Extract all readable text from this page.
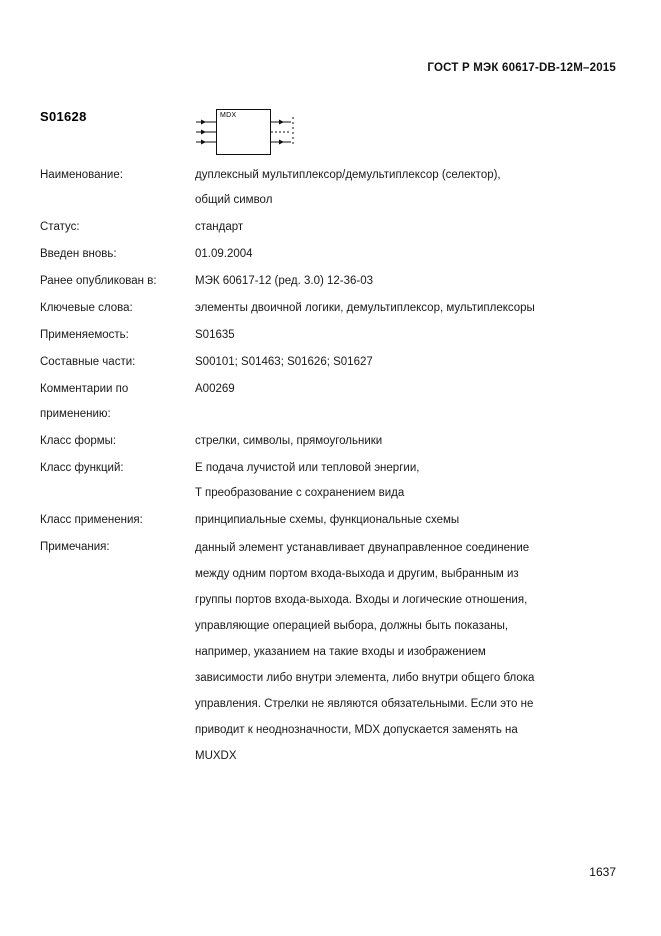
ГОСТ Р МЭК 60617-DB-12M–2015
S01628	MDX
Наименование:	дуплексный мультиплексор/демультиплексор (селектор),
общий символ
Статус:	стандарт
Введен вновь:	01.09.2004
Ранее опубликован в:	МЭК 60617-12 (ред. 3.0) 12-36-03
Ключевые слова:	элементы двоичной логики, демультиплексор, мультиплексоры
Применяемость:	S01635
Составные части:	S00101; S01463; S01626; S01627
Комментарии по применению:
A00269
Класс формы:	стрелки, символы, прямоугольники
Класс функций:	E подача лучистой или тепловой энергии,
T преобразование с сохранением вида
Класс применения:	принципиальные схемы, функциональные схемы
Примечания:	данный элемент устанавливает двунаправленное соединение
между одним портом входа-выхода и другим, выбранным из
группы портов входа-выхода. Входы и логические отношения,
управляющие операцией выбора, должны быть показаны,
например, указанием на такие входы и изображением
зависимости либо внутри элемента, либо внутри общего блока
управления. Стрелки не являются обязательными. Если это не
приводит к неоднозначности, MDX допускается заменять на
MUXDX
1637
